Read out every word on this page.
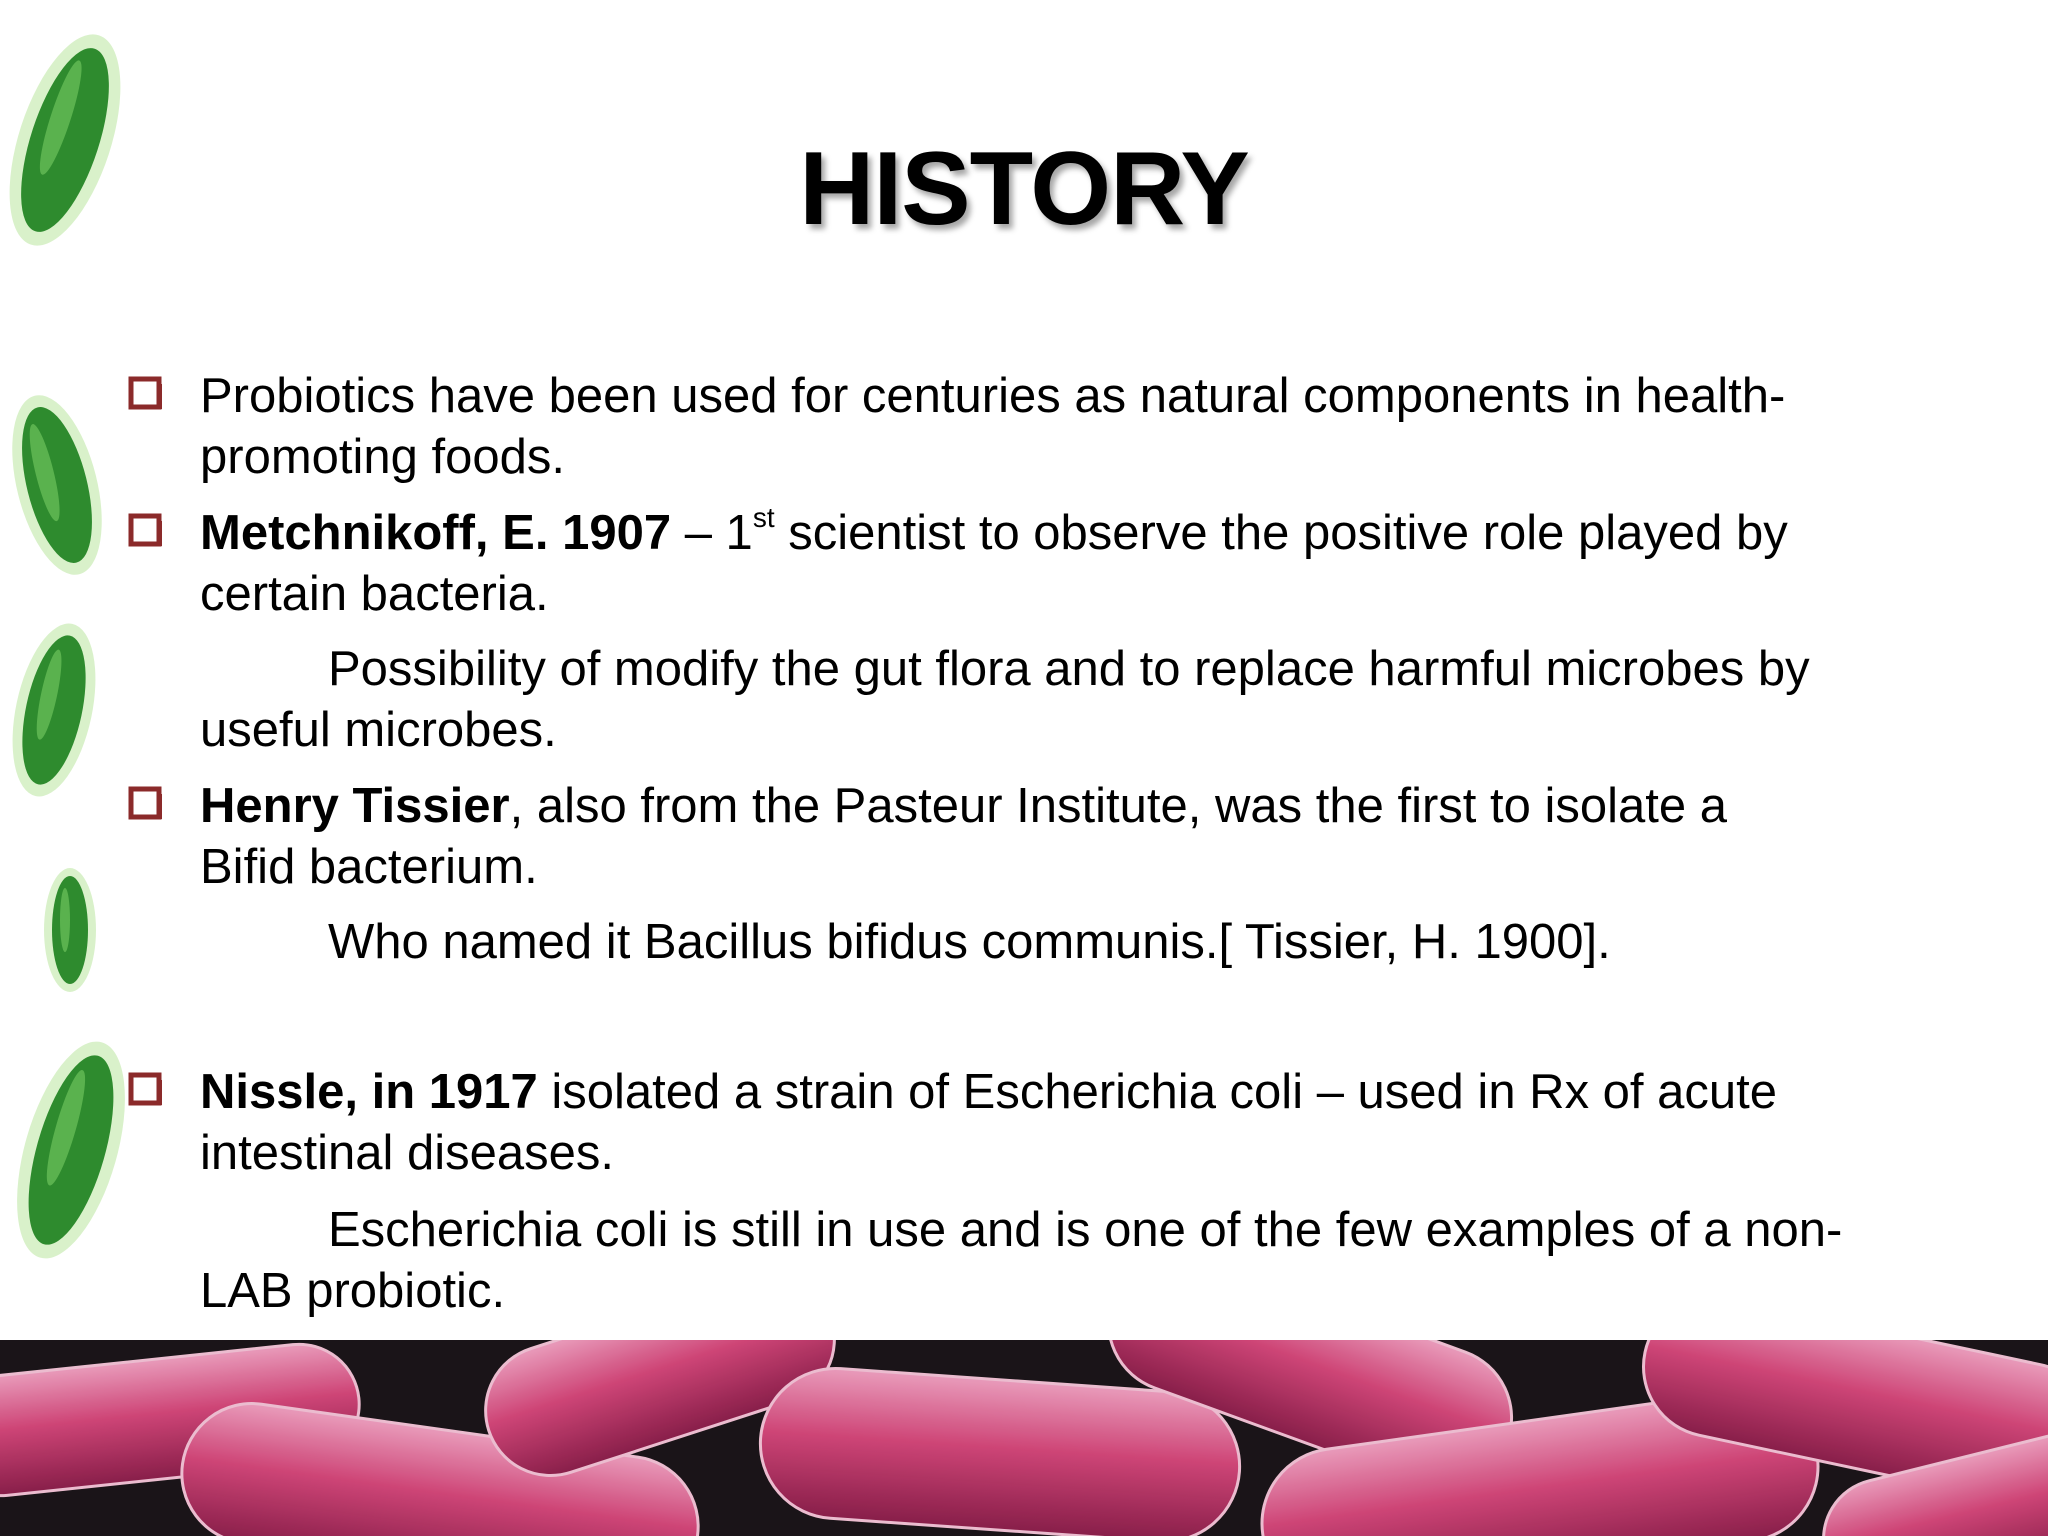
HISTORY
Probiotics have been used for centuries as natural components in health-
promoting foods.
Metchnikoff, E. 1907 – 1st scientist to observe the positive role played by
certain bacteria.
Possibility of modify the gut flora and to replace harmful microbes by
useful microbes.
Henry Tissier, also from the Pasteur Institute, was the first to isolate a
Bifid bacterium.
Who named it Bacillus bifidus communis.[ Tissier, H. 1900].
Nissle, in 1917 isolated a strain of Escherichia coli – used in Rx of acute
intestinal diseases.
Escherichia coli is still in use and is one of the few examples of a non-
LAB probiotic.
